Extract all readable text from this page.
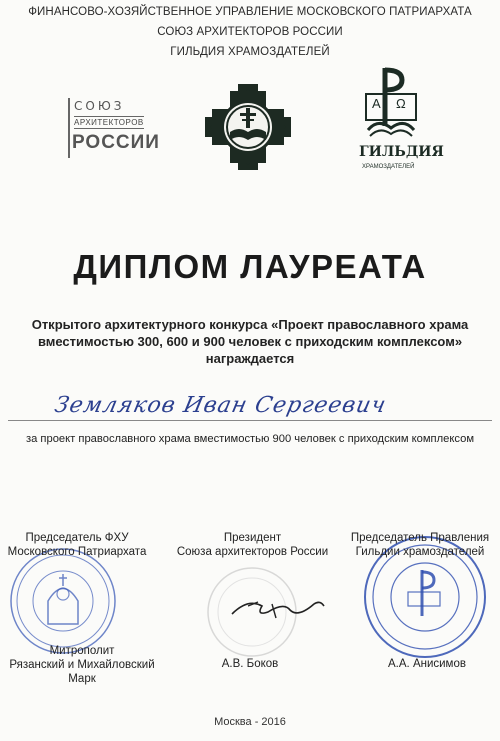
ФИНАНСОВО-ХОЗЯЙСТВЕННОЕ УПРАВЛЕНИЕ МОСКОВСКОГО ПАТРИАРХАТА
СОЮЗ АРХИТЕКТОРОВ РОССИИ
ГИЛЬДИЯ ХРАМОЗДАТЕЛЕЙ
СОЮЗ
АРХИТЕКТОРОВ
РОССИИ
А Ω
ГИЛЬДИЯ
ХРАМОЗДАТЕЛЕЙ
ДИПЛОМ ЛАУРЕАТА
Открытого архитектурного конкурса «Проект православного храма
вместимостью 300, 600 и 900 человек с приходским комплексом»
награждается
Земляков Иван Сергеевич
за проект православного храма вместимостью 900 человек с приходским комплексом
Председатель ФХУ
Московского Патриархата
Митрополит
Рязанский и Михайловский
Марк
Президент
Союза архитекторов России
А.В. Боков
Председатель Правления
Гильдии храмоздателей
А.А. Анисимов
Москва - 2016
